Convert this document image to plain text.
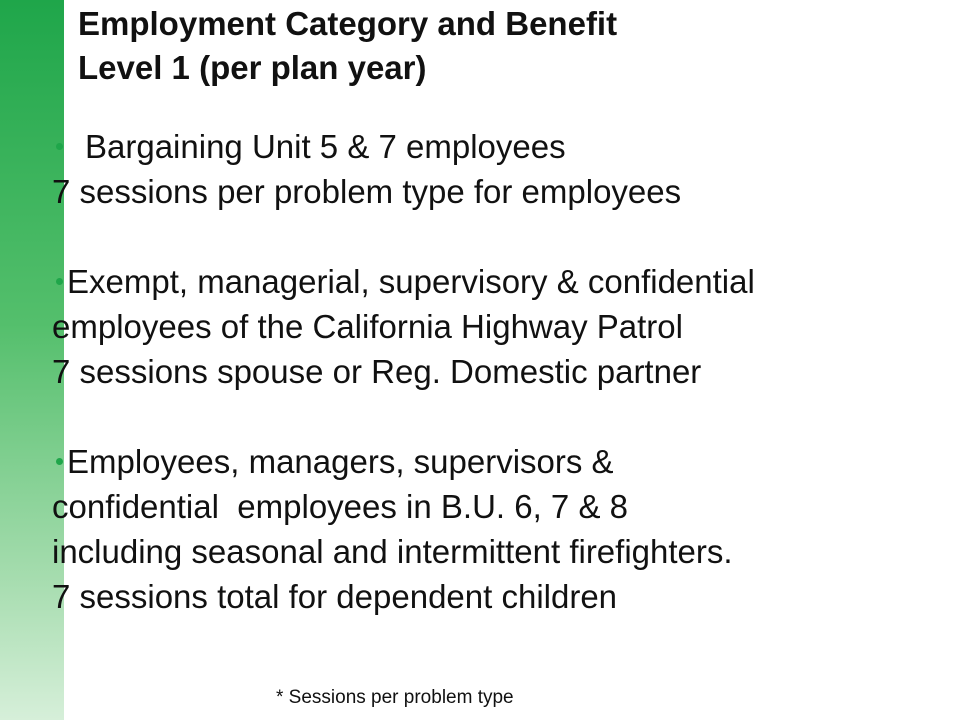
Employment Category and Benefit
Level 1 (per plan year)
Bargaining Unit 5 & 7 employees
7 sessions per problem type for employees
Exempt, managerial, supervisory & confidential
employees of the California Highway Patrol
7 sessions spouse or Reg. Domestic partner
Employees, managers, supervisors &
confidential  employees in B.U. 6, 7 & 8
including seasonal and intermittent firefighters.
7 sessions total for dependent children
* Sessions per problem type
